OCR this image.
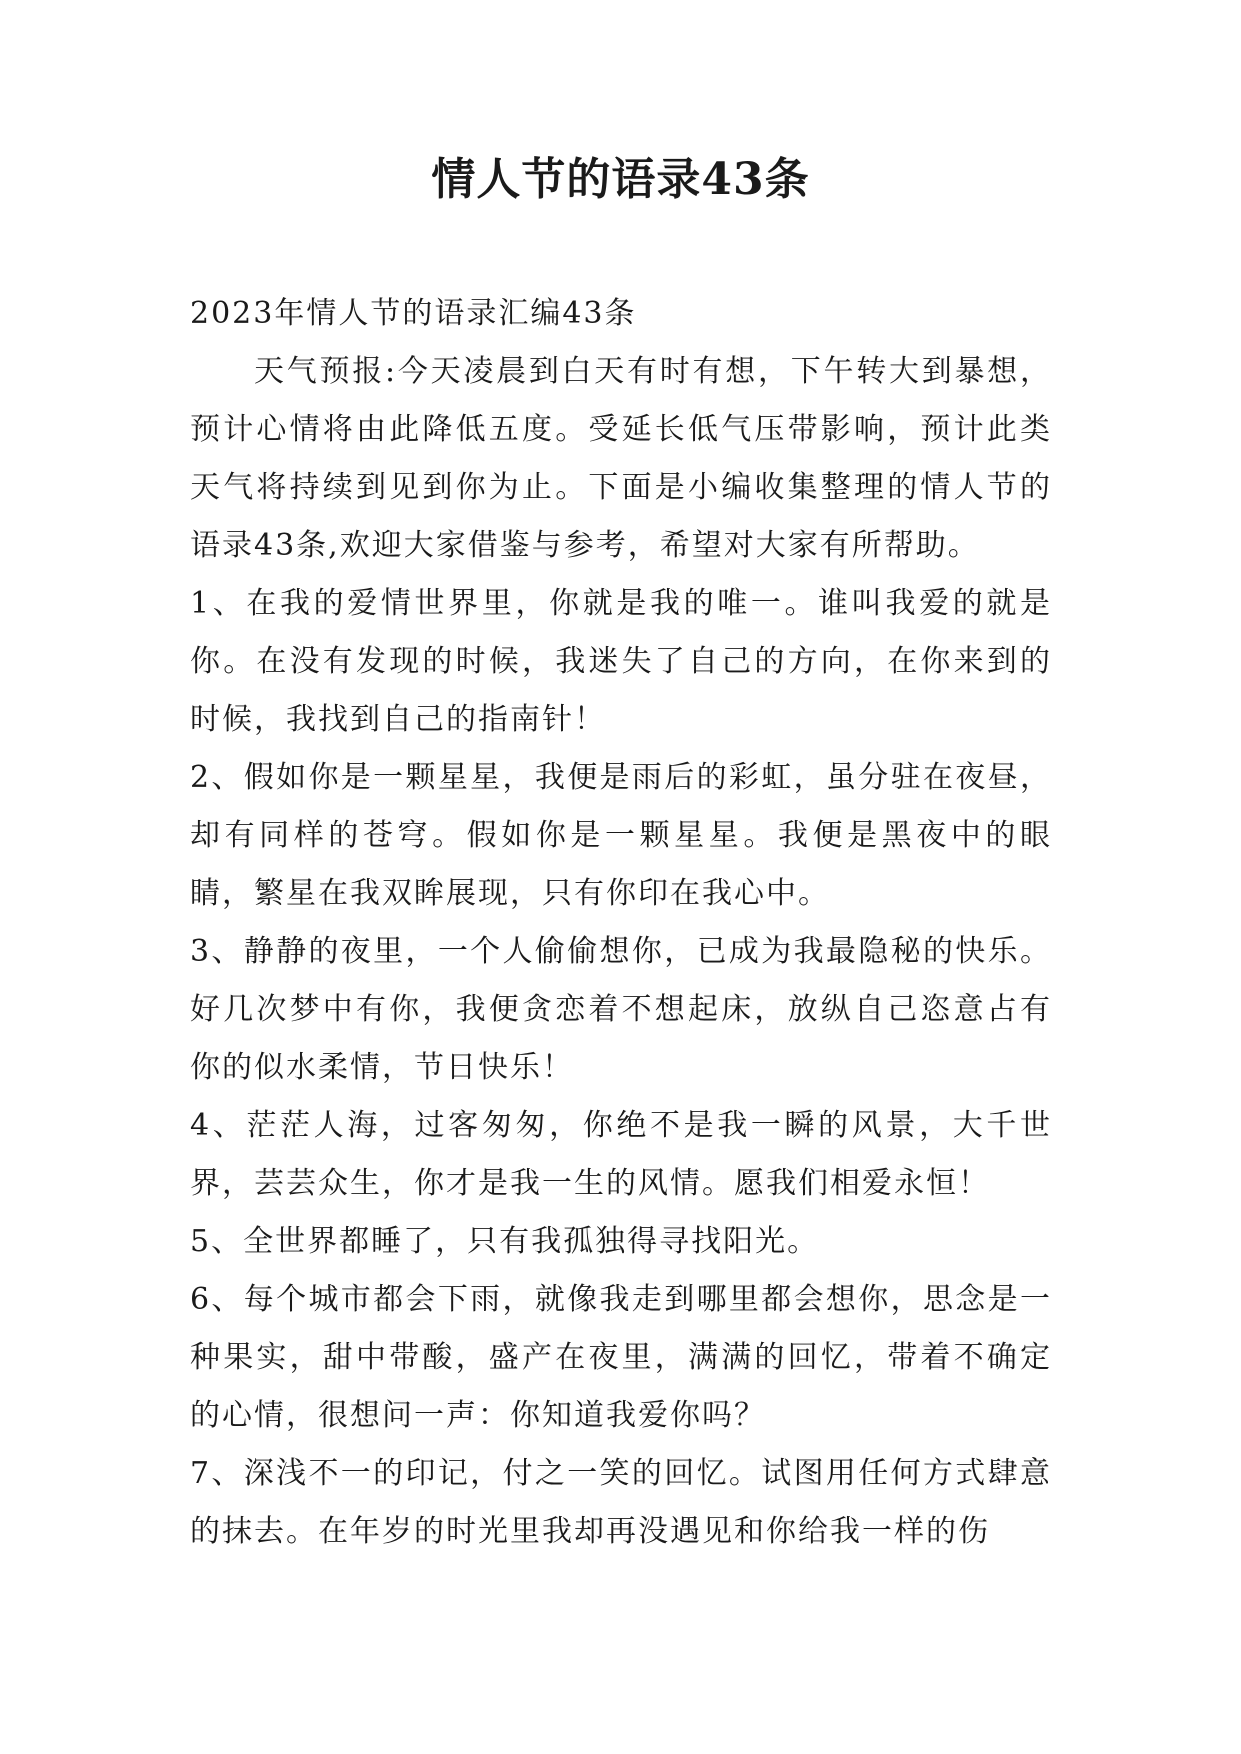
情人节的语录43条

2023年情人节的语录汇编43条

天气预报:今天凌晨到白天有时有想，下午转大到暴想，预计心情将由此降低五度。受延长低气压带影响，预计此类天气将持续到见到你为止。下面是小编收集整理的情人节的语录43条,欢迎大家借鉴与参考，希望对大家有所帮助。

1、在我的爱情世界里，你就是我的唯一。谁叫我爱的就是你。在没有发现的时候，我迷失了自己的方向，在你来到的时候，我找到自己的指南针！

2、假如你是一颗星星，我便是雨后的彩虹，虽分驻在夜昼，却有同样的苍穹。假如你是一颗星星。我便是黑夜中的眼睛，繁星在我双眸展现，只有你印在我心中。

3、静静的夜里，一个人偷偷想你，已成为我最隐秘的快乐。好几次梦中有你，我便贪恋着不想起床，放纵自己恣意占有你的似水柔情，节日快乐！

4、茫茫人海，过客匆匆，你绝不是我一瞬的风景，大千世界，芸芸众生，你才是我一生的风情。愿我们相爱永恒！

5、全世界都睡了，只有我孤独得寻找阳光。

6、每个城市都会下雨，就像我走到哪里都会想你，思念是一种果实，甜中带酸，盛产在夜里，满满的回忆，带着不确定的心情，很想问一声：你知道我爱你吗？

7、深浅不一的印记，付之一笑的回忆。试图用任何方式肆意的抹去。在年岁的时光里我却再没遇见和你给我一样的伤
